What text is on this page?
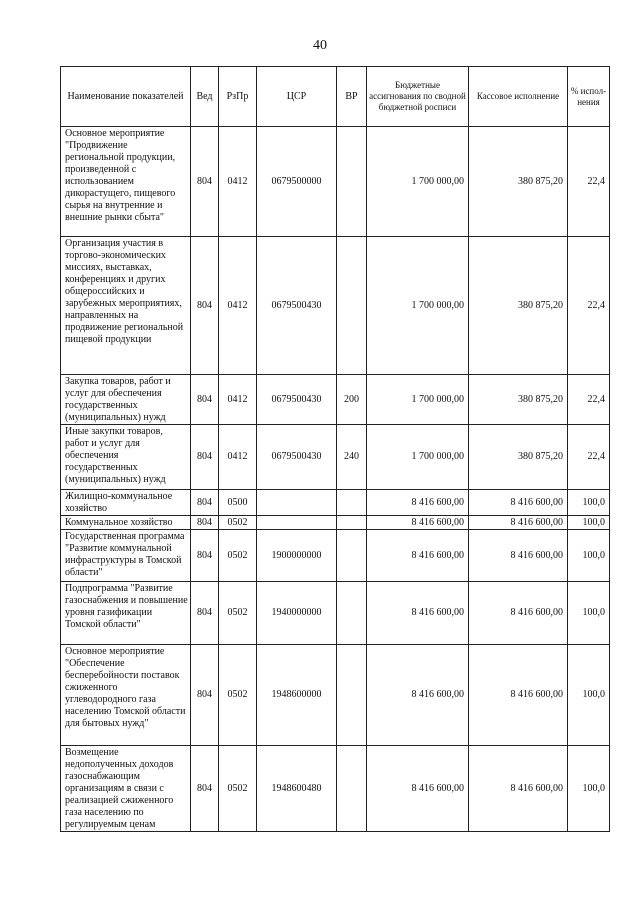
40
Наименование показателей	Вед	РзПр	ЦСР	ВР	Бюджетные ассигнования по сводной бюджетной росписи	Кассовое исполнение	% испол-нения
Основное мероприятие "Продвижение региональной продукции, произведенной с использованием дикорастущего, пищевого сырья на внутренние и внешние рынки сбыта"	804	0412	0679500000		1 700 000,00	380 875,20	22,4
Организация участия в торгово-экономических миссиях, выставках, конференциях и других общероссийских и зарубежных мероприятиях, направленных на продвижение региональной пищевой продукции	804	0412	0679500430		1 700 000,00	380 875,20	22,4
Закупка товаров, работ и услуг для обеспечения государственных (муниципальных) нужд	804	0412	0679500430	200	1 700 000,00	380 875,20	22,4
Иные закупки товаров, работ и услуг для обеспечения государственных (муниципальных) нужд	804	0412	0679500430	240	1 700 000,00	380 875,20	22,4
Жилищно-коммунальное хозяйство	804	0500			8 416 600,00	8 416 600,00	100,0
Коммунальное хозяйство	804	0502			8 416 600,00	8 416 600,00	100,0
Государственная программа "Развитие коммунальной инфраструктуры в Томской области"	804	0502	1900000000		8 416 600,00	8 416 600,00	100,0
Подпрограмма "Развитие газоснабжения и повышение уровня газификации Томской области"	804	0502	1940000000		8 416 600,00	8 416 600,00	100,0
Основное мероприятие "Обеспечение бесперебойности поставок сжиженного углеводородного газа населению Томской области для бытовых нужд"	804	0502	1948600000		8 416 600,00	8 416 600,00	100,0
Возмещение недополученных доходов газоснабжающим организациям в связи с реализацией сжиженного газа населению по регулируемым ценам	804	0502	1948600480		8 416 600,00	8 416 600,00	100,0
